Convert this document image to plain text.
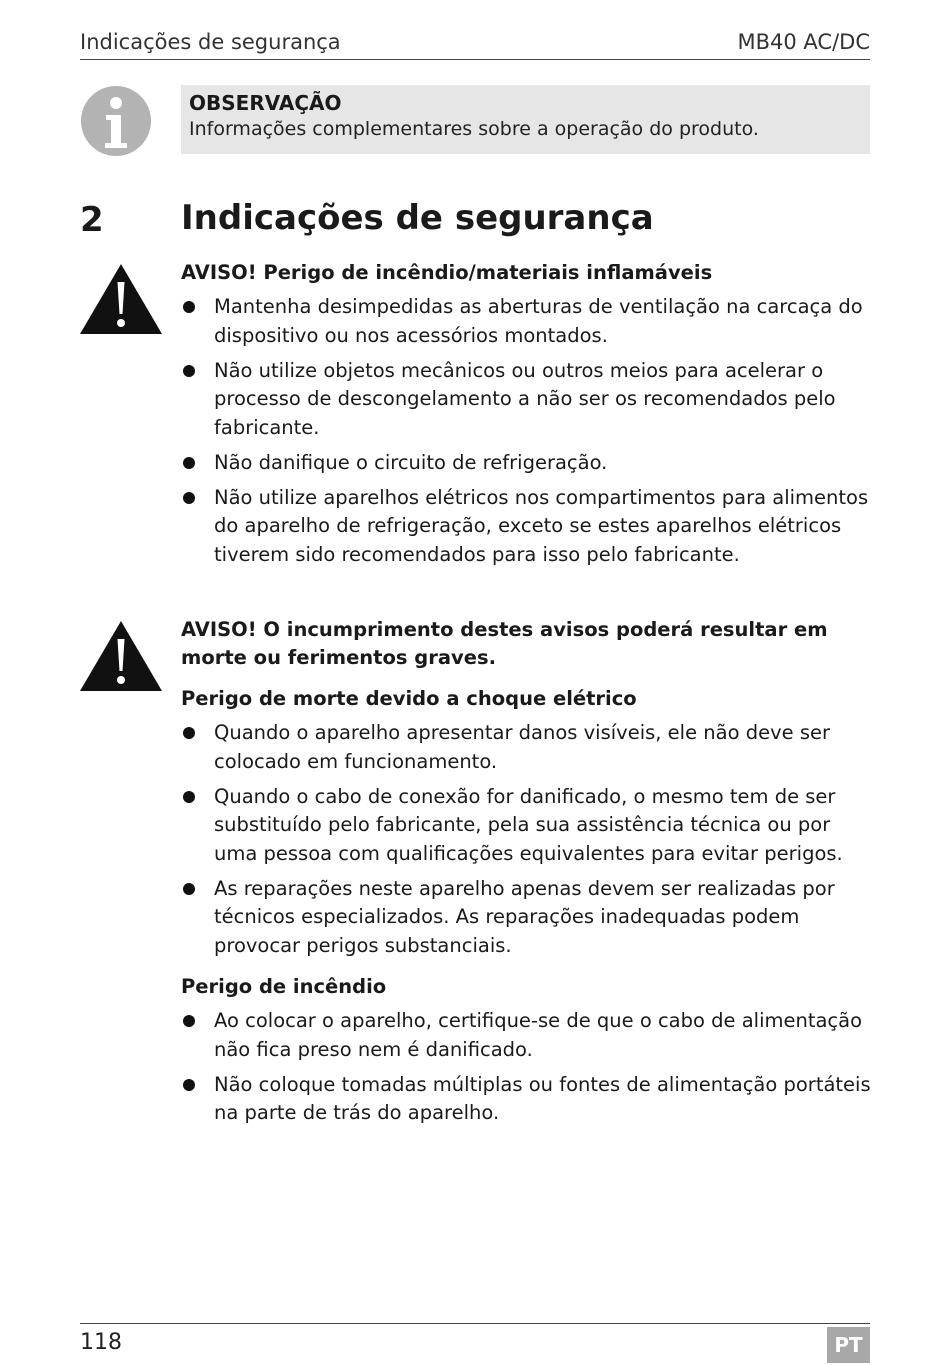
Indicações de segurança	MB40 AC/DC
OBSERVAÇÃO
Informações complementares sobre a operação do produto.
2 Indicações de segurança
AVISO! Perigo de incêndio/materiais inflamáveis
Mantenha desimpedidas as aberturas de ventilação na carcaça do dispositivo ou nos acessórios montados.
Não utilize objetos mecânicos ou outros meios para acelerar o processo de descongelamento a não ser os recomendados pelo fabricante.
Não danifique o circuito de refrigeração.
Não utilize aparelhos elétricos nos compartimentos para alimentos do aparelho de refrigeração, exceto se estes aparelhos elétricos tiverem sido recomendados para isso pelo fabricante.
AVISO! O incumprimento destes avisos poderá resultar em morte ou ferimentos graves.
Perigo de morte devido a choque elétrico
Quando o aparelho apresentar danos visíveis, ele não deve ser colocado em funcionamento.
Quando o cabo de conexão for danificado, o mesmo tem de ser substituído pelo fabricante, pela sua assistência técnica ou por uma pessoa com qualificações equivalentes para evitar perigos.
As reparações neste aparelho apenas devem ser realizadas por técnicos especializados. As reparações inadequadas podem provocar perigos substanciais.
Perigo de incêndio
Ao colocar o aparelho, certifique-se de que o cabo de alimentação não fica preso nem é danificado.
Não coloque tomadas múltiplas ou fontes de alimentação portáteis na parte de trás do aparelho.
118	PT
